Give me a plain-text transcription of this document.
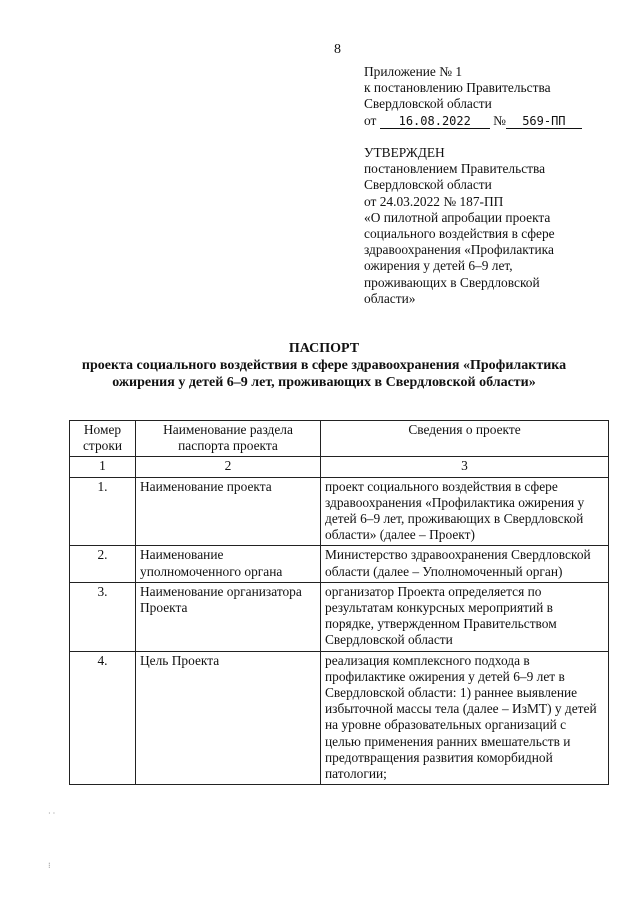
8
Приложение № 1
к постановлению Правительства
Свердловской области
от 16.08.2022 № 569-ПП
УТВЕРЖДЕН
постановлением Правительства
Свердловской области
от 24.03.2022 № 187-ПП
«О пилотной апробации проекта
социального воздействия в сфере
здравоохранения «Профилактика
ожирения у детей 6–9 лет,
проживающих в Свердловской
области»
ПАСПОРТ
проекта социального воздействия в сфере здравоохранения «Профилактика
ожирения у детей 6–9 лет, проживающих в Свердловской области»
Номер строки	Наименование раздела паспорта проекта	Сведения о проекте
1	2	3
1.	Наименование проекта	проект социального воздействия в сфере здравоохранения «Профилактика ожирения у детей 6–9 лет, проживающих в Свердловской области» (далее – Проект)
2.	Наименование уполномоченного органа	Министерство здравоохранения Свердловской области (далее – Уполномоченный орган)
3.	Наименование организатора Проекта	организатор Проекта определяется по результатам конкурсных мероприятий в порядке, утвержденном Правительством Свердловской области
4.	Цель Проекта	реализация комплексного подхода в профилактике ожирения у детей 6–9 лет в Свердловской области: 1) раннее выявление избыточной массы тела (далее – ИзМТ) у детей на уровне образовательных организаций с целью применения ранних вмешательств и предотвращения развития коморбидной патологии;
· ·
⁝
